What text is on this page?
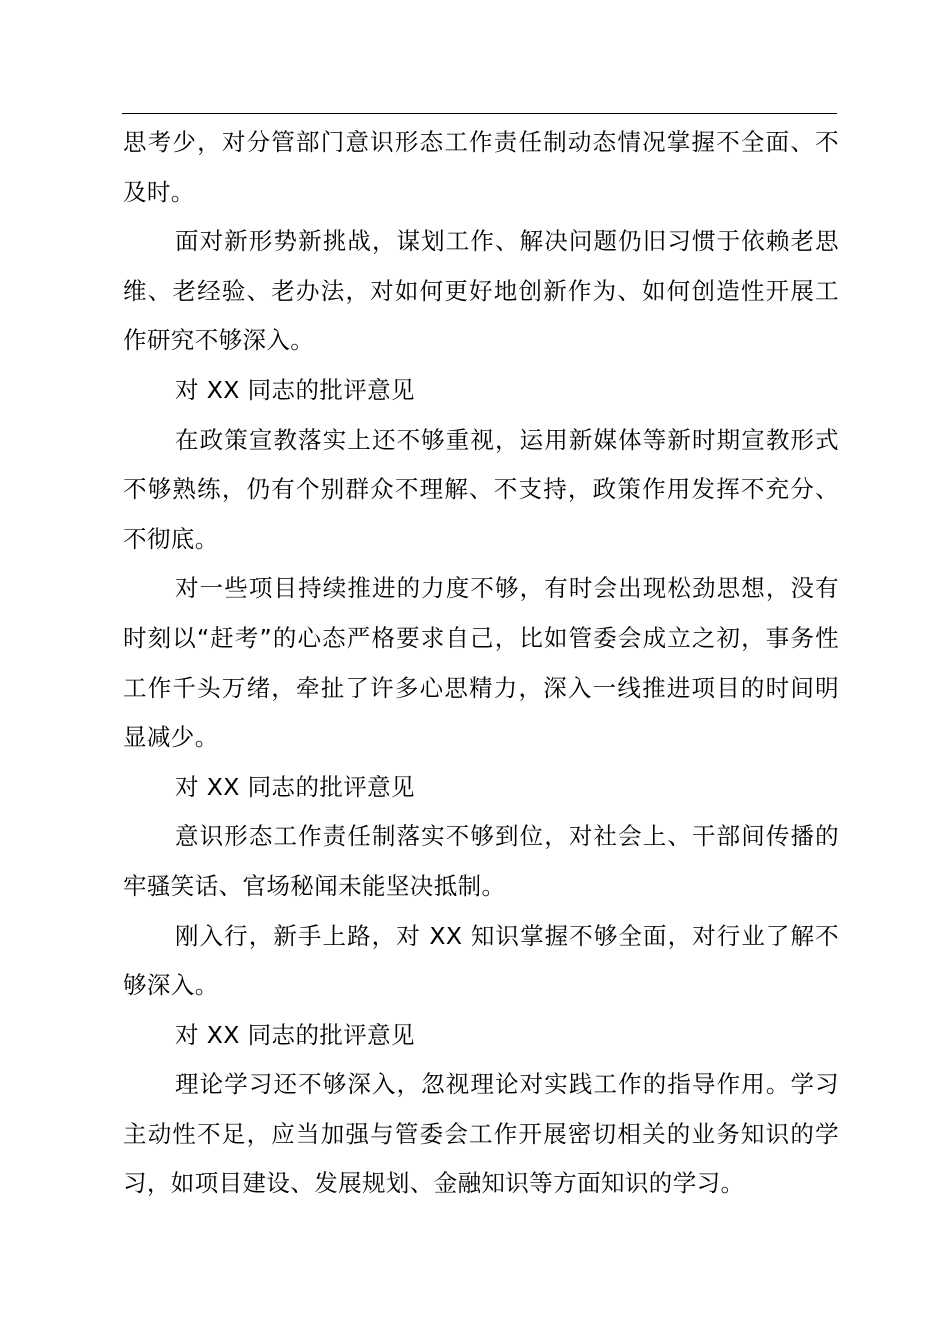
思考少，对分管部门意识形态工作责任制动态情况掌握不全面、不及时。

面对新形势新挑战，谋划工作、解决问题仍旧习惯于依赖老思维、老经验、老办法，对如何更好地创新作为、如何创造性开展工作研究不够深入。

对 XX 同志的批评意见

在政策宣教落实上还不够重视，运用新媒体等新时期宣教形式不够熟练，仍有个别群众不理解、不支持，政策作用发挥不充分、不彻底。

对一些项目持续推进的力度不够，有时会出现松劲思想，没有时刻以“赶考”的心态严格要求自己，比如管委会成立之初，事务性工作千头万绪，牵扯了许多心思精力，深入一线推进项目的时间明显减少。

对 XX 同志的批评意见

意识形态工作责任制落实不够到位，对社会上、干部间传播的牢骚笑话、官场秘闻未能坚决抵制。

刚入行，新手上路，对 XX 知识掌握不够全面，对行业了解不够深入。

对 XX 同志的批评意见

理论学习还不够深入，忽视理论对实践工作的指导作用。学习主动性不足，应当加强与管委会工作开展密切相关的业务知识的学习，如项目建设、发展规划、金融知识等方面知识的学习。
